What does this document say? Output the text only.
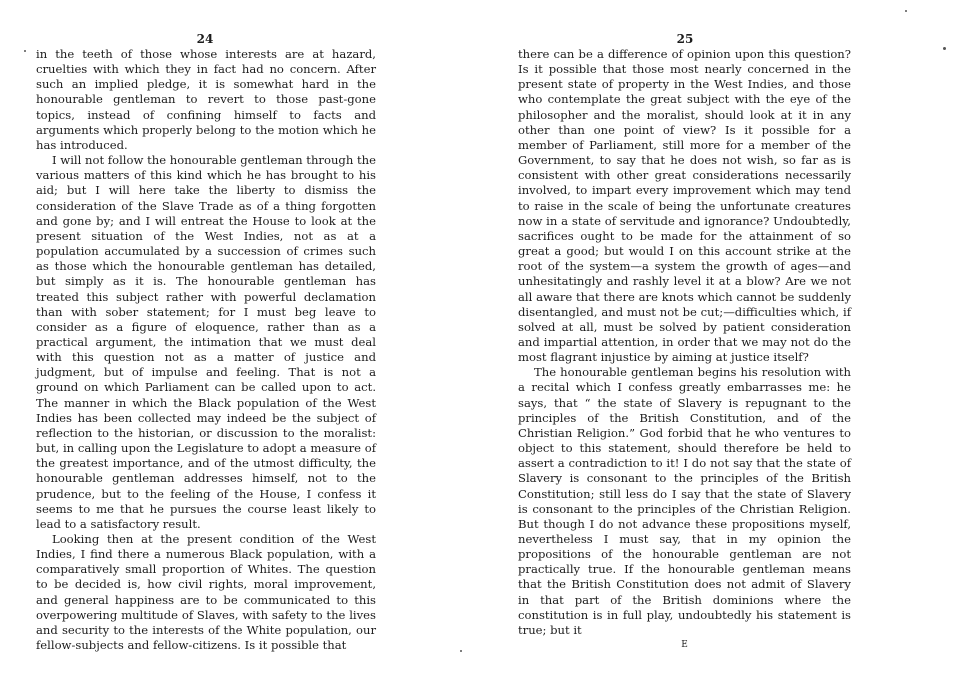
24

in the teeth of those whose interests are at hazard, cruelties with which they in fact had no concern. After such an implied pledge, it is somewhat hard in the honourable gentleman to revert to those past-gone topics, instead of confining himself to facts and arguments which properly belong to the motion which he has introduced.

I will not follow the honourable gentleman through the various matters of this kind which he has brought to his aid; but I will here take the liberty to dismiss the consideration of the Slave Trade as of a thing forgotten and gone by; and I will entreat the House to look at the present situation of the West Indies, not as at a population accumulated by a succession of crimes such as those which the honourable gentleman has detailed, but simply as it is. The honourable gentleman has treated this subject rather with powerful declamation than with sober statement; for I must beg leave to consider as a figure of eloquence, rather than as a practical argument, the intimation that we must deal with this question not as a matter of justice and judgment, but of impulse and feeling. That is not a ground on which Parliament can be called upon to act. The manner in which the Black population of the West Indies has been collected may indeed be the subject of reflection to the historian, or discussion to the moralist: but, in calling upon the Legislature to adopt a measure of the greatest importance, and of the utmost difficulty, the honourable gentleman addresses himself, not to the prudence, but to the feeling of the House, I confess it seems to me that he pursues the course least likely to lead to a satisfactory result.

Looking then at the present condition of the West Indies, I find there a numerous Black population, with a comparatively small proportion of Whites. The question to be decided is, how civil rights, moral improvement, and general happiness are to be communicated to this overpowering multitude of Slaves, with safety to the lives and security to the interests of the White population, our fellow-subjects and fellow-citizens. Is it possible that

25

there can be a difference of opinion upon this question? Is it possible that those most nearly concerned in the present state of property in the West Indies, and those who contemplate the great subject with the eye of the philosopher and the moralist, should look at it in any other than one point of view? Is it possible for a member of Parliament, still more for a member of the Government, to say that he does not wish, so far as is consistent with other great considerations necessarily involved, to impart every improvement which may tend to raise in the scale of being the unfortunate creatures now in a state of servitude and ignorance? Undoubtedly, sacrifices ought to be made for the attainment of so great a good; but would I on this account strike at the root of the system—a system the growth of ages—and unhesitatingly and rashly level it at a blow? Are we not all aware that there are knots which cannot be suddenly disentangled, and must not be cut;—difficulties which, if solved at all, must be solved by patient consideration and impartial attention, in order that we may not do the most flagrant injustice by aiming at justice itself?

The honourable gentleman begins his resolution with a recital which I confess greatly embarrasses me: he says, that “ the state of Slavery is repugnant to the principles of the British Constitution, and of the Christian Religion.” God forbid that he who ventures to object to this statement, should therefore be held to assert a contradiction to it! I do not say that the state of Slavery is consonant to the principles of the British Constitution; still less do I say that the state of Slavery is consonant to the principles of the Christian Religion. But though I do not advance these propositions myself, nevertheless I must say, that in my opinion the propositions of the honourable gentleman are not practically true. If the honourable gentleman means that the British Constitution does not admit of Slavery in that part of the British dominions where the constitution is in full play, undoubtedly his statement is true; but it

E
